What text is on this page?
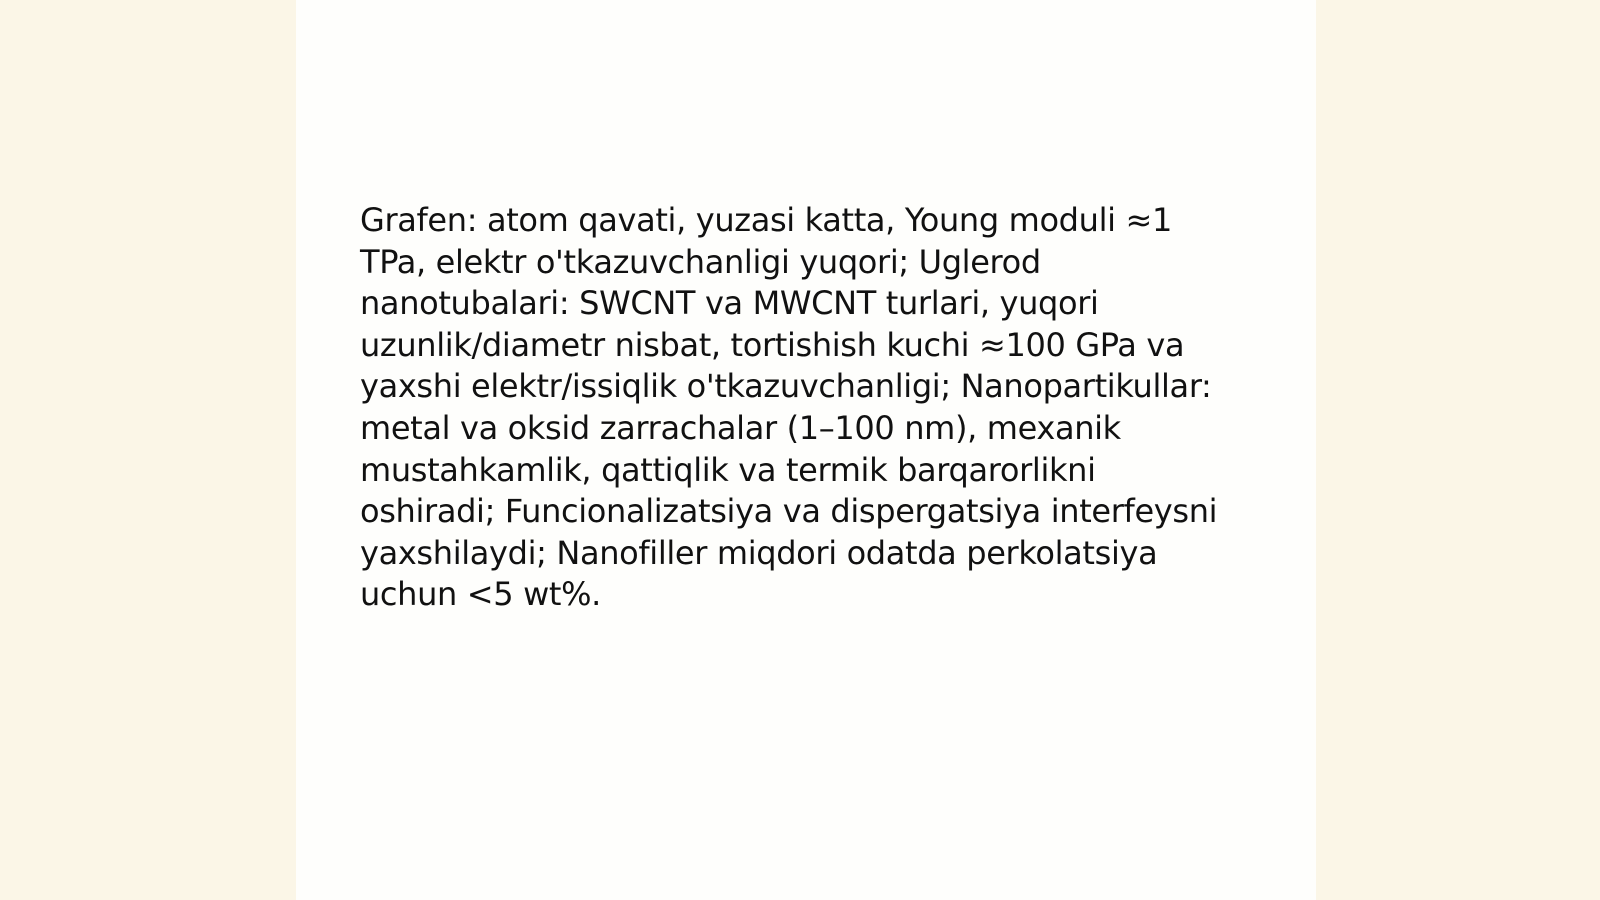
Grafen: atom qavati, yuzasi katta, Young moduli ≈1 TPa, elektr o'tkazuvchanligi yuqori; Uglerod nanotubalari: SWCNT va MWCNT turlari, yuqori uzunlik/diametr nisbat, tortishish kuchi ≈100 GPa va yaxshi elektr/issiqlik o'tkazuvchanligi; Nanopartikullar: metal va oksid zarrachalar (1–100 nm), mexanik mustahkamlik, qattiqlik va termik barqarorlikni oshiradi; Funcionalizatsiya va dispergatsiya interfeysni yaxshilaydi; Nanofiller miqdori odatda perkolatsiya uchun <5 wt%.
